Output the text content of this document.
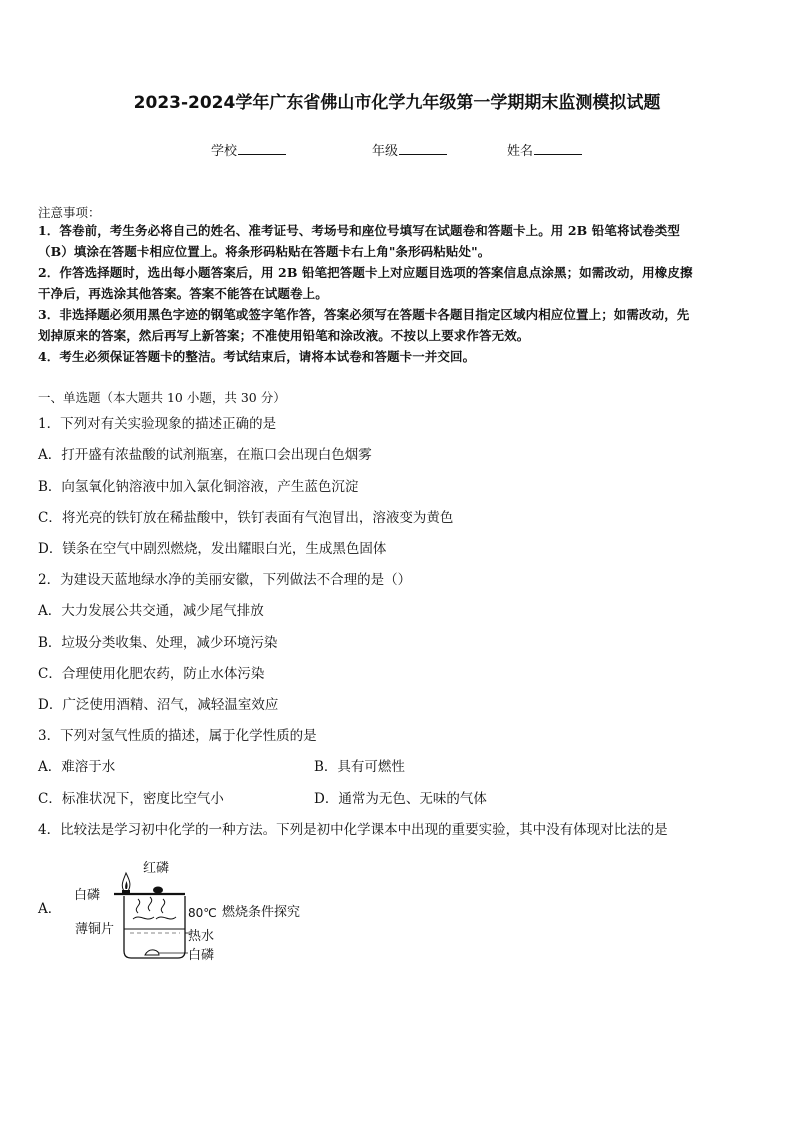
2023-2024学年广东省佛山市化学九年级第一学期期末监测模拟试题
学校	年级	姓名
注意事项：
1．答卷前，考生务必将自己的姓名、准考证号、考场号和座位号填写在试题卷和答题卡上。用 2B 铅笔将试卷类型
（B）填涂在答题卡相应位置上。将条形码粘贴在答题卡右上角"条形码粘贴处"。
2．作答选择题时，选出每小题答案后，用 2B 铅笔把答题卡上对应题目选项的答案信息点涂黑；如需改动，用橡皮擦
干净后，再选涂其他答案。答案不能答在试题卷上。
3．非选择题必须用黑色字迹的钢笔或签字笔作答，答案必须写在答题卡各题目指定区域内相应位置上；如需改动，先
划掉原来的答案，然后再写上新答案；不准使用铅笔和涂改液。不按以上要求作答无效。
4．考生必须保证答题卡的整洁。考试结束后，请将本试卷和答题卡一并交回。
一、单选题（本大题共 10 小题，共 30 分）
1．下列对有关实验现象的描述正确的是
A．打开盛有浓盐酸的试剂瓶塞，在瓶口会出现白色烟雾
B．向氢氧化钠溶液中加入氯化铜溶液，产生蓝色沉淀
C．将光亮的铁钉放在稀盐酸中，铁钉表面有气泡冒出，溶液变为黄色
D．镁条在空气中剧烈燃烧，发出耀眼白光，生成黑色固体
2．为建设天蓝地绿水净的美丽安徽，下列做法不合理的是（）
A．大力发展公共交通，减少尾气排放
B．垃圾分类收集、处理，减少环境污染
C．合理使用化肥农药，防止水体污染
D．广泛使用酒精、沼气，减轻温室效应
3．下列对氢气性质的描述，属于化学性质的是
A．难溶于水	B．具有可燃性
C．标准状况下，密度比空气小	D．通常为无色、无味的气体
4．比较法是学习初中化学的一种方法。下列是初中化学课本中出现的重要实验，其中没有体现对比法的是
A．
红磷
白磷
薄铜片
80℃
热水
白磷
燃烧条件探究
